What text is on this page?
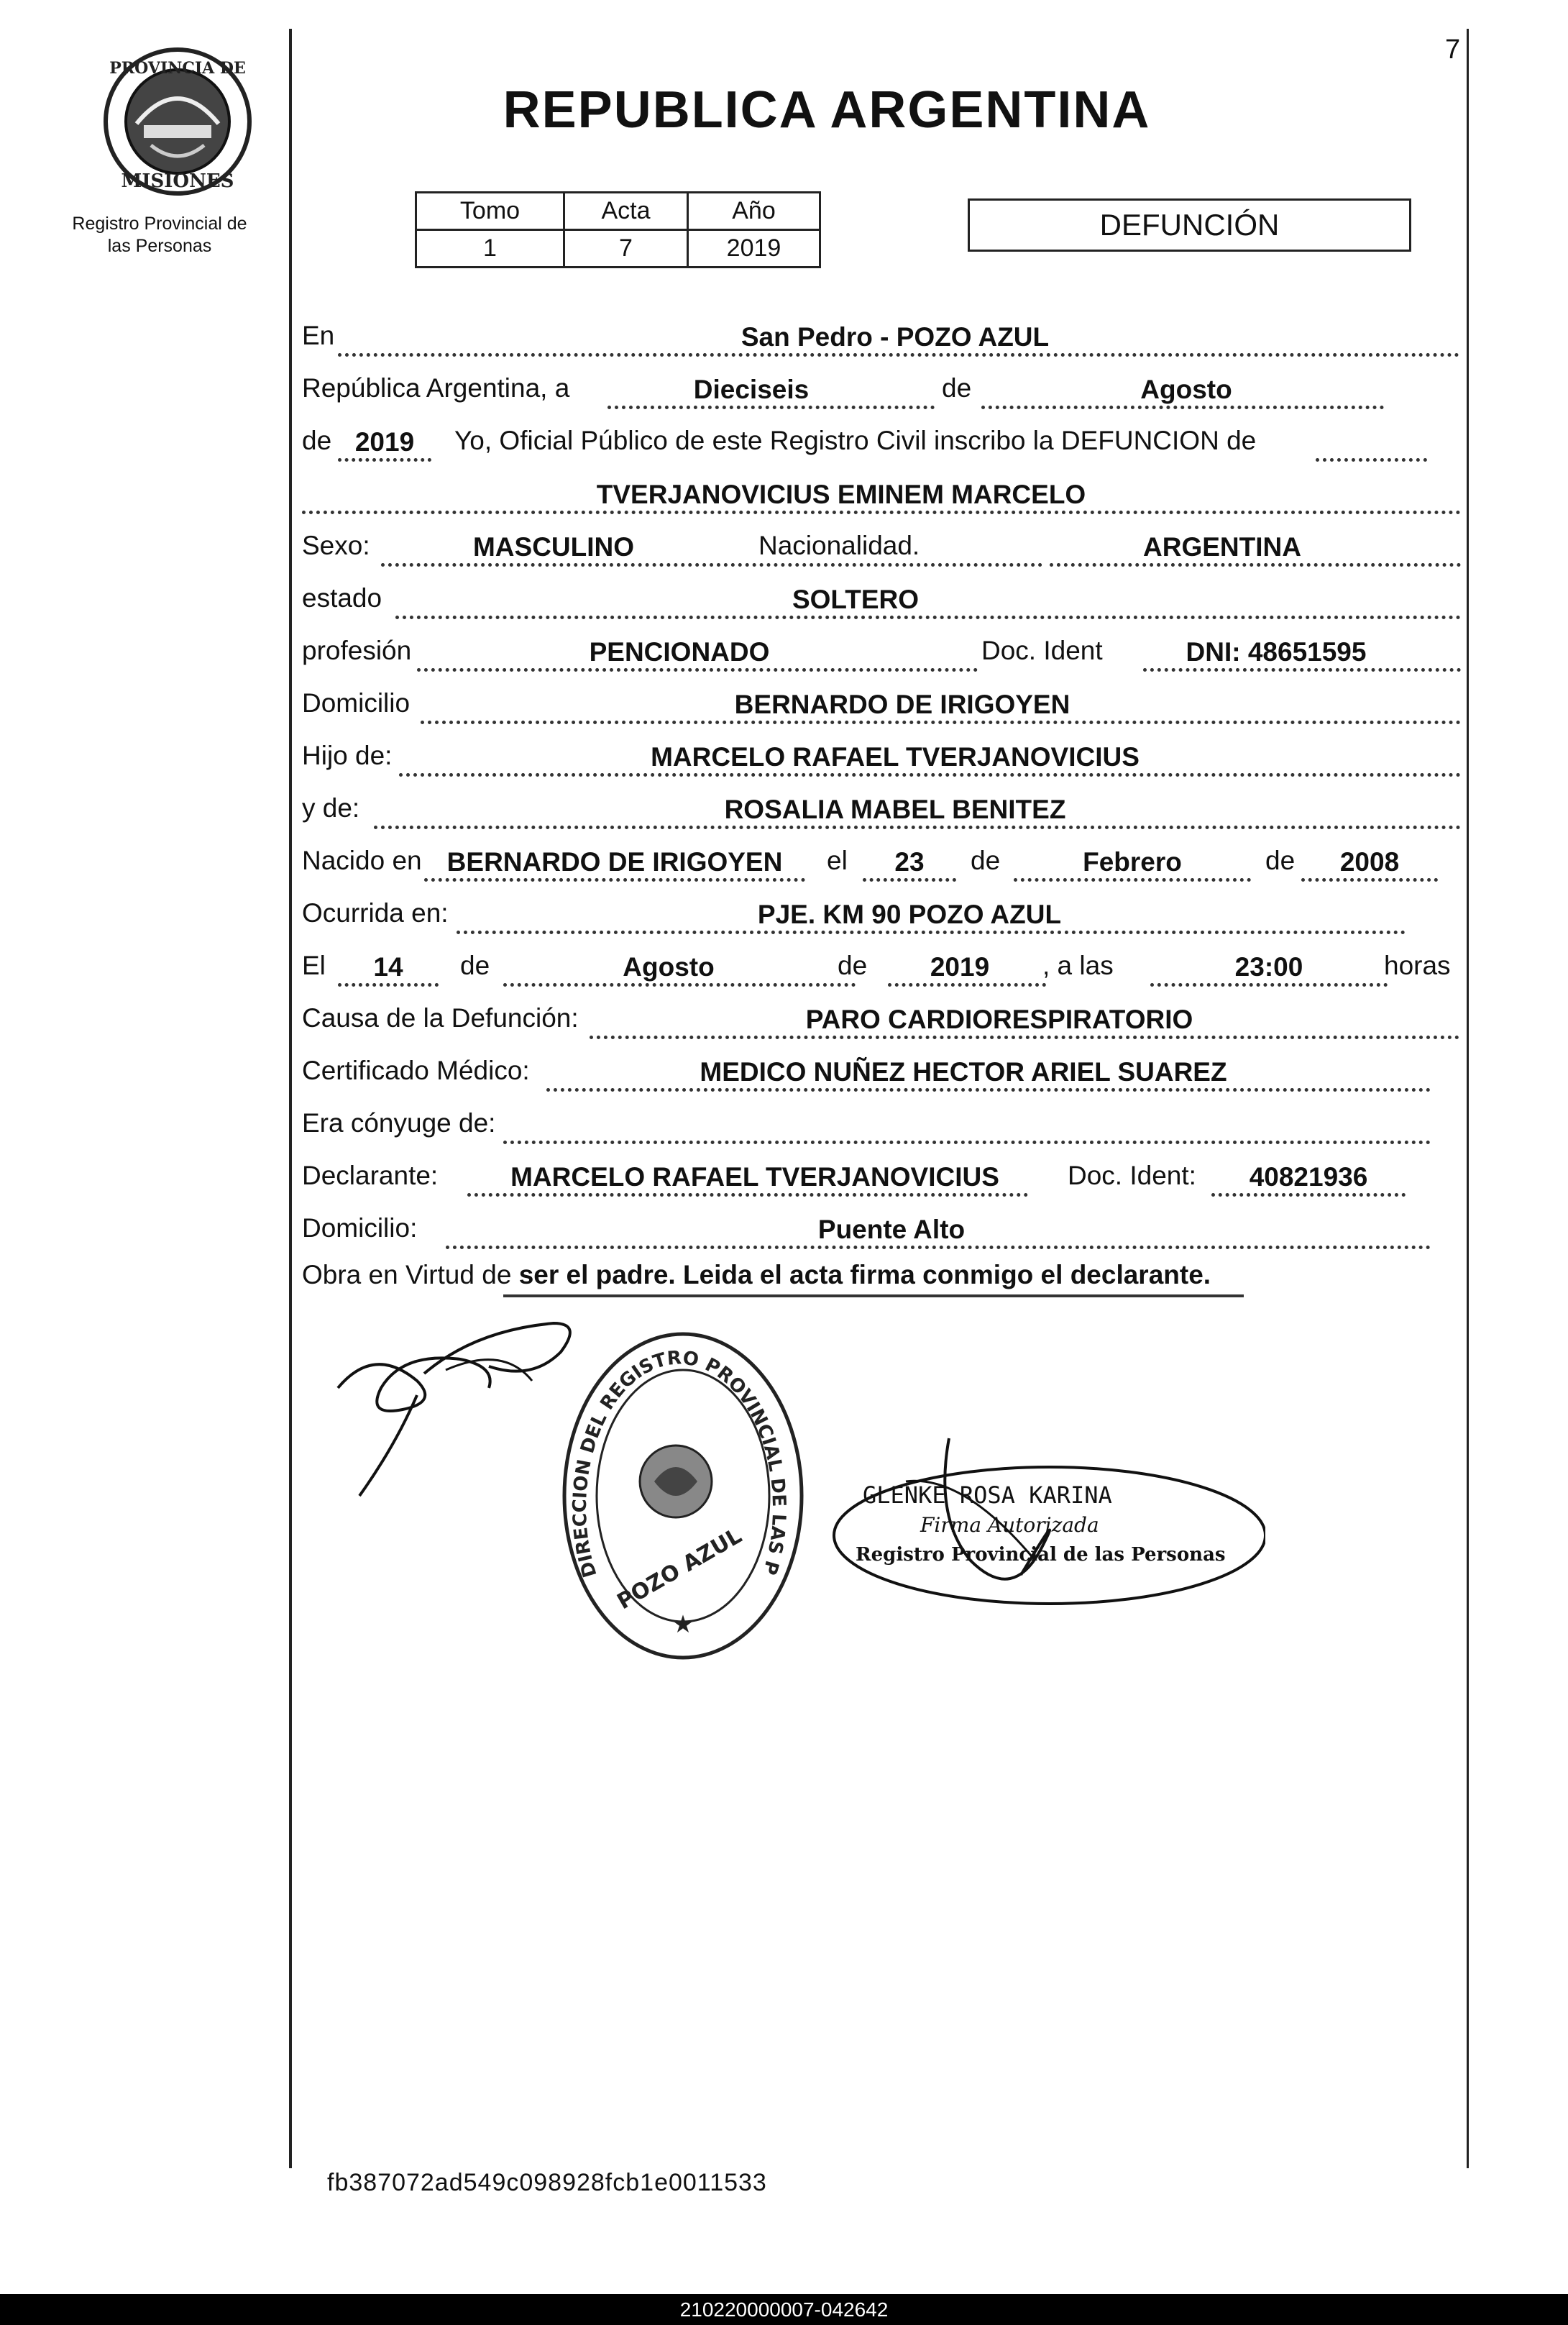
PROVINCIA DE
MISIONES
Registro Provincial de
las Personas
7
REPUBLICA ARGENTINA
Tomo	Acta	Año
1	7	2019
DEFUNCIÓN
En	San Pedro - POZO AZUL
República Argentina, a	Dieciseis	de	Agosto
de 2019	Yo, Oficial Público de este Registro Civil inscribo la DEFUNCION de
TVERJANOVICIUS EMINEM MARCELO
Sexo:	MASCULINO	Nacionalidad.	ARGENTINA
estado	SOLTERO
profesión	PENCIONADO	Doc. Ident	DNI: 48651595
Domicilio	BERNARDO DE IRIGOYEN
Hijo de:	MARCELO RAFAEL TVERJANOVICIUS
y de:	ROSALIA MABEL BENITEZ
Nacido en BERNARDO DE IRIGOYEN	el	23	de	Febrero	de	2008
Ocurrida en:	PJE. KM 90 POZO AZUL
El	14	de	Agosto	de	2019	, a las	23:00	horas
Causa de la Defunción:	PARO CARDIORESPIRATORIO
Certificado Médico:	MEDICO NUÑEZ HECTOR ARIEL SUAREZ
Era cónyuge de:
Declarante:	MARCELO RAFAEL TVERJANOVICIUS	Doc. Ident:	40821936
Domicilio:	Puente Alto
Obra en Virtud de ser el padre. Leida el acta firma conmigo el declarante.
DIRECCION DEL REGISTRO PROVINCIAL DE LAS P
POZO AZUL
★
GLENKE ROSA KARINA
Firma Autorizada
Registro Provincial de las Personas
fb387072ad549c098928fcb1e0011533
210220000007-042642
